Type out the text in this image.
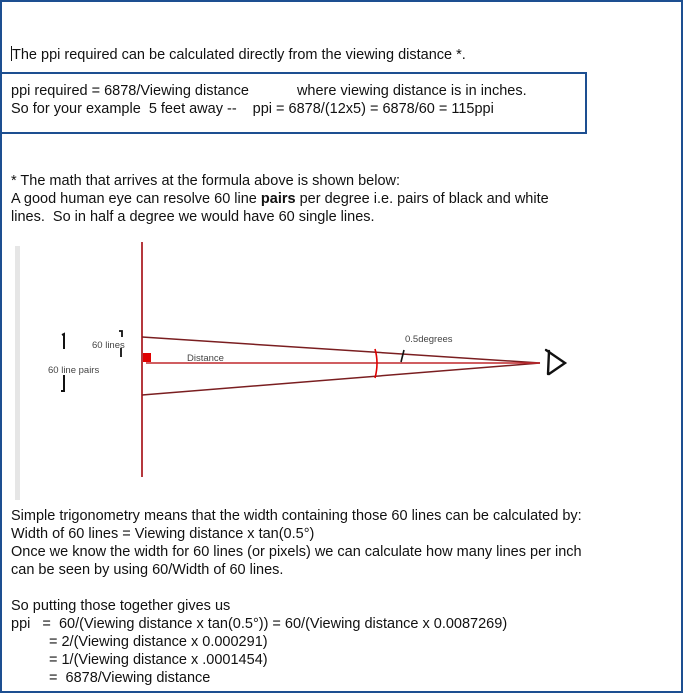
The ppi required can be calculated directly from the viewing distance *.
ppi required = 6878/Viewing distance	where viewing distance is in inches.
So for your example  5 feet away -- ppi = 6878/(12x5) = 6878/60 = 115ppi
* The math that arrives at the formula above is shown below:
A good human eye can resolve 60 line pairs per degree i.e. pairs of black and white
lines.  So in half a degree we would have 60 single lines.
60 lines
60 line pairs
Distance
0.5degrees
Simple trigonometry means that the width containing those 60 lines can be calculated by:
Width of 60 lines = Viewing distance x tan(0.5°)
Once we know the width for 60 lines (or pixels) we can calculate how many lines per inch
can be seen by using 60/Width of 60 lines.
So putting those together gives us
ppi   =  60/(Viewing distance x tan(0.5°)) = 60/(Viewing distance x 0.0087269)
= 2/(Viewing distance x 0.000291)
= 1/(Viewing distance x .0001454)
=  6878/Viewing distance
